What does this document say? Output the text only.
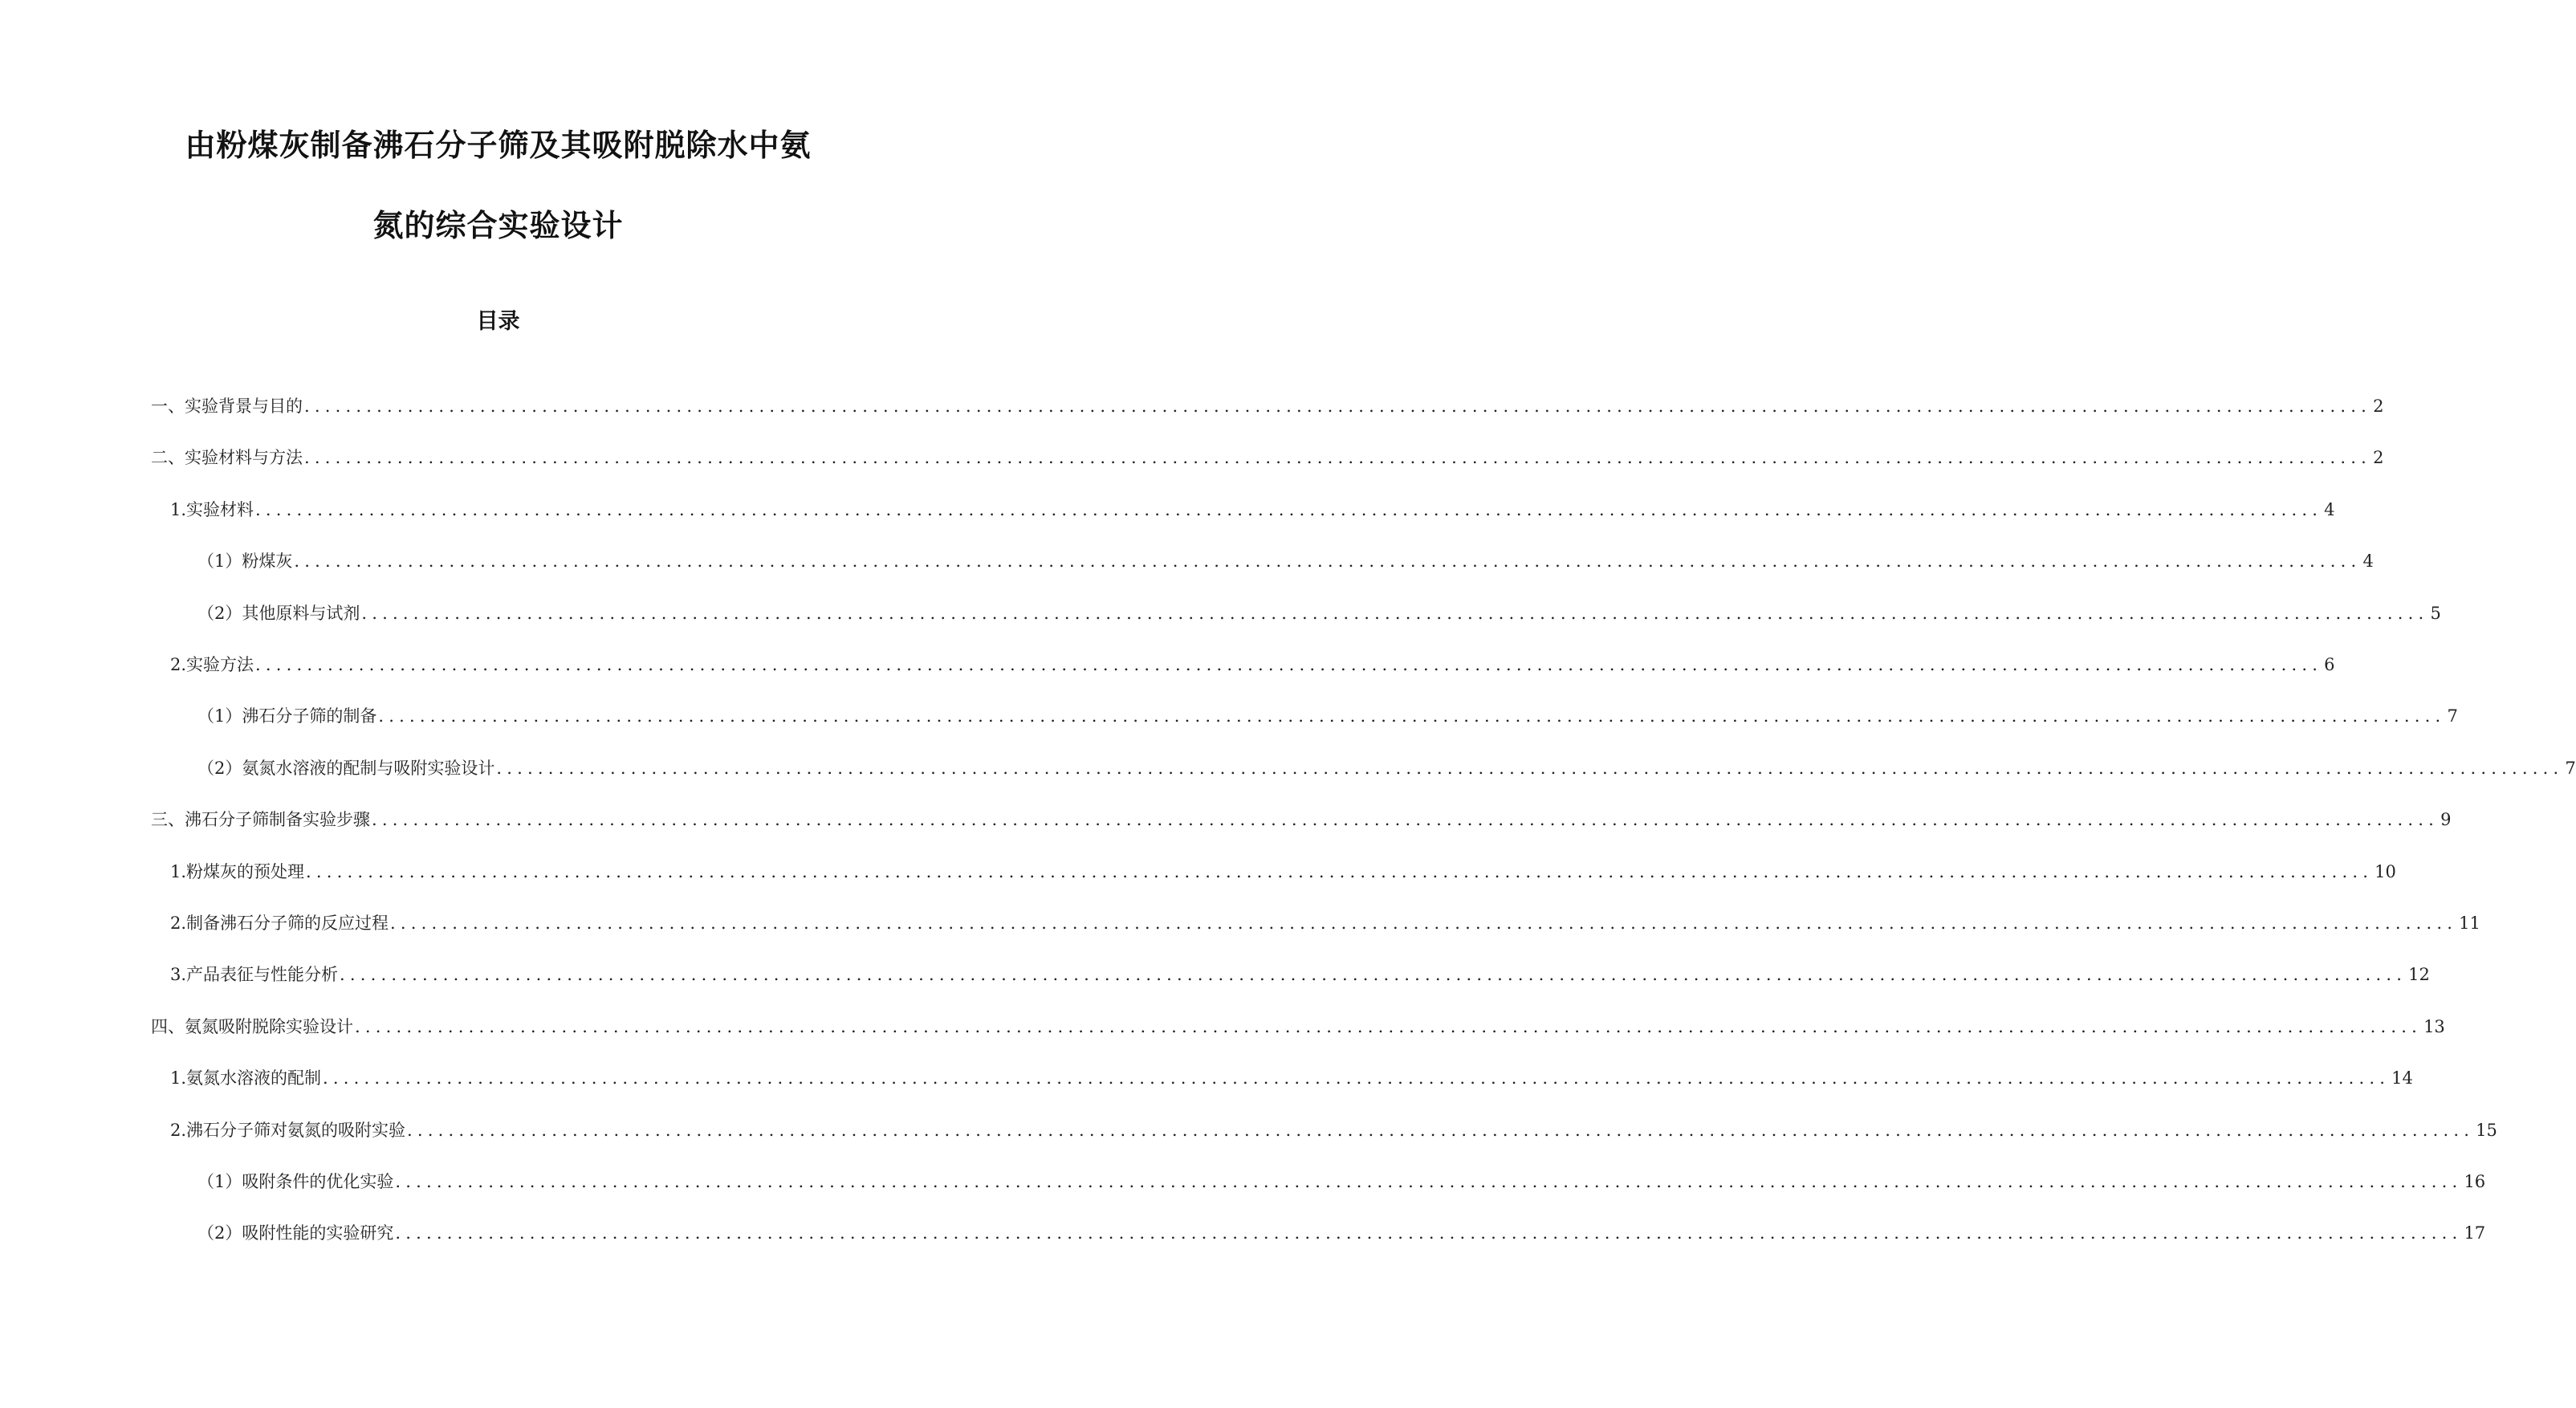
由粉煤灰制备沸石分子筛及其吸附脱除水中氨
氮的综合实验设计
目录
一、实验背景与目的 ........................................................................................................................................................................................................ 2
二、实验材料与方法 ........................................................................................................................................................................................................ 2
1. 实验材料 ........................................................................................................................................................................................................ 4
（1）粉煤灰 ........................................................................................................................................................................................................ 4
（2）其他原料与试剂 ........................................................................................................................................................................................................ 5
2. 实验方法 ........................................................................................................................................................................................................ 6
（1）沸石分子筛的制备 ........................................................................................................................................................................................................ 7
（2）氨氮水溶液的配制与吸附实验设计 ........................................................................................................................................................................................................ 7
三、沸石分子筛制备实验步骤 ........................................................................................................................................................................................................ 9
1. 粉煤灰的预处理 ........................................................................................................................................................................................................ 10
2. 制备沸石分子筛的反应过程 ........................................................................................................................................................................................................ 11
3. 产品表征与性能分析 ........................................................................................................................................................................................................ 12
四、氨氮吸附脱除实验设计 ........................................................................................................................................................................................................ 13
1. 氨氮水溶液的配制 ........................................................................................................................................................................................................ 14
2. 沸石分子筛对氨氮的吸附实验 ........................................................................................................................................................................................................ 15
（1）吸附条件的优化实验 ........................................................................................................................................................................................................ 16
（2）吸附性能的实验研究 ........................................................................................................................................................................................................ 17
